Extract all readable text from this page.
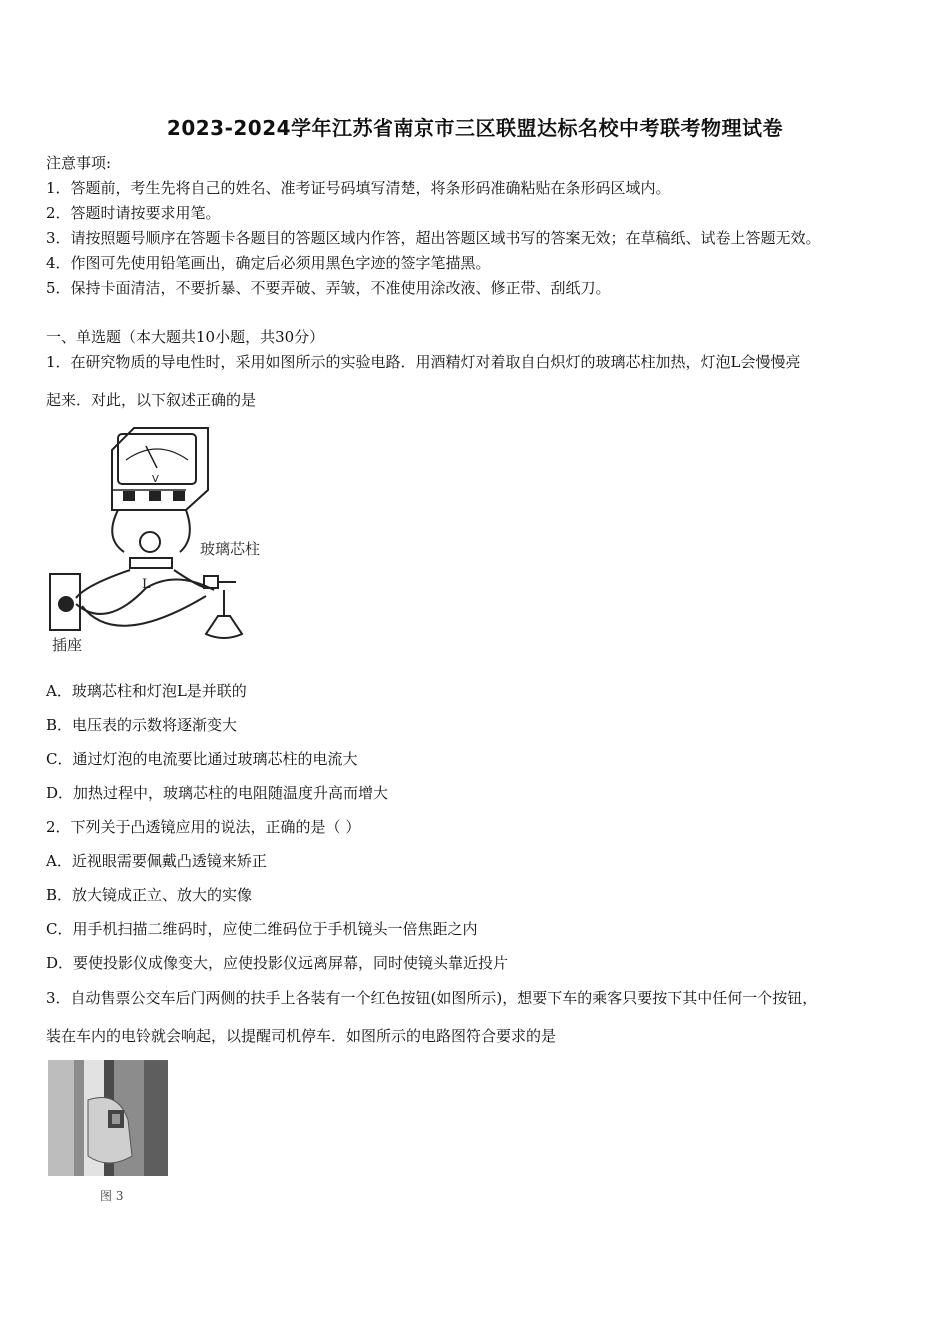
2023-2024学年江苏省南京市三区联盟达标名校中考联考物理试卷
注意事项:
1．答题前，考生先将自己的姓名、准考证号码填写清楚，将条形码准确粘贴在条形码区域内。
2．答题时请按要求用笔。
3．请按照题号顺序在答题卡各题目的答题区域内作答，超出答题区域书写的答案无效；在草稿纸、试卷上答题无效。
4．作图可先使用铅笔画出，确定后必须用黑色字迹的签字笔描黑。
5．保持卡面清洁，不要折暴、不要弄破、弄皱，不准使用涂改液、修正带、刮纸刀。
一、单选题（本大题共10小题，共30分）
1．在研究物质的导电性时，采用如图所示的实验电路．用酒精灯对着取自白炽灯的玻璃芯柱加热，灯泡L会慢慢亮
起来．对此，以下叙述正确的是
V
L
玻璃芯柱
插座
A．玻璃芯柱和灯泡L是并联的
B．电压表的示数将逐渐变大
C．通过灯泡的电流要比通过玻璃芯柱的电流大
D．加热过程中，玻璃芯柱的电阻随温度升高而增大
2．下列关于凸透镜应用的说法，正确的是（ ）
A．近视眼需要佩戴凸透镜来矫正
B．放大镜成正立、放大的实像
C．用手机扫描二维码时，应使二维码位于手机镜头一倍焦距之内
D．要使投影仪成像变大，应使投影仪远离屏幕，同时使镜头靠近投片
3．自动售票公交车后门两侧的扶手上各装有一个红色按钮(如图所示)，想要下车的乘客只要按下其中任何一个按钮，
装在车内的电铃就会响起，以提醒司机停车．如图所示的电路图符合要求的是
图 3
